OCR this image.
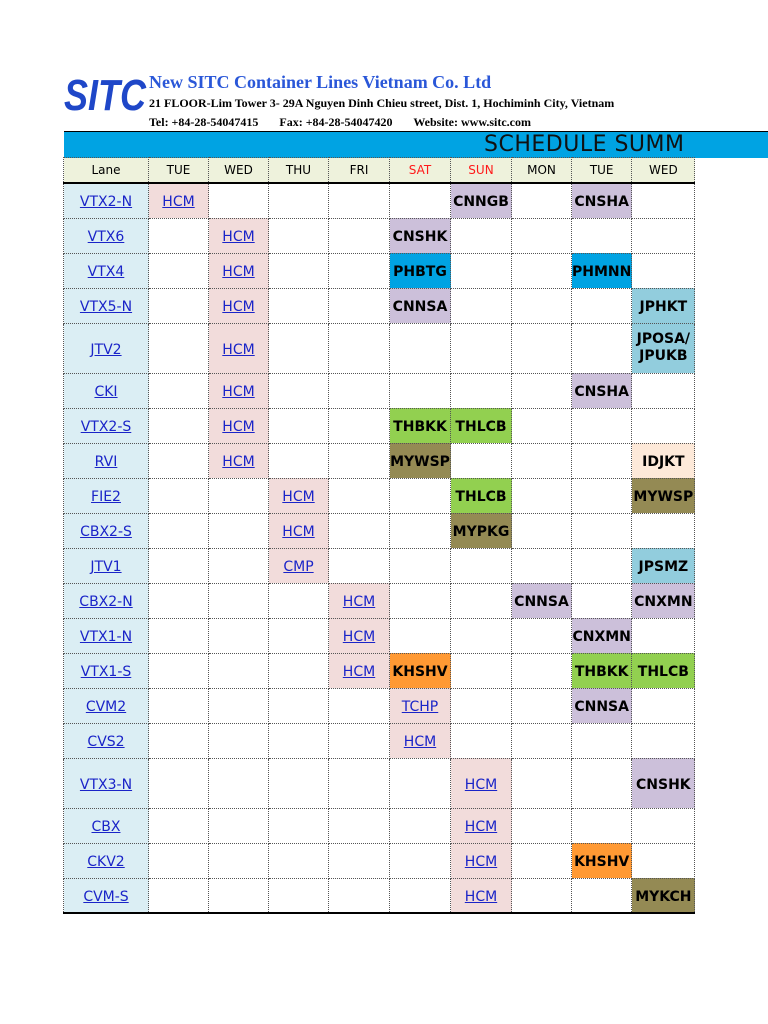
SITC New SITC Container Lines Vietnam Co. Ltd
21 FLOOR-Lim Tower 3- 29A Nguyen Dinh Chieu street, Dist. 1, Hochiminh City, Vietnam
Tel: +84-28-54047415 Fax: +84-28-54047420 Website: www.sitc.com
SCHEDULE SUMM
Lane	TUE	WED	THU	FRI	SAT	SUN	MON	TUE	WED
VTX2-N	HCM					CNNGB		CNSHA	
VTX6		HCM			CNSHK				
VTX4		HCM			PHBTG			PHMNN	
VTX5-N		HCM			CNNSA				JPHKT
JTV2		HCM							JPOSA/ JPUKB

CKI		HCM						CNSHA	
VTX2-S		HCM			THBKK	THLCB			
RVI		HCM			MYWSP				IDJKT
FIE2			HCM			THLCB			MYWSP
CBX2-S			HCM			MYPKG			
JTV1			CMP						JPSMZ
CBX2-N				HCM			CNNSA		CNXMN
VTX1-N				HCM				CNXMN	
VTX1-S				HCM	KHSHV			THBKK	THLCB
CVM2					TCHP			CNNSA	
CVS2					HCM				
VTX3-N						HCM			CNSHK
CBX						HCM			
CKV2						HCM		KHSHV	
CVM-S						HCM			MYKCH
